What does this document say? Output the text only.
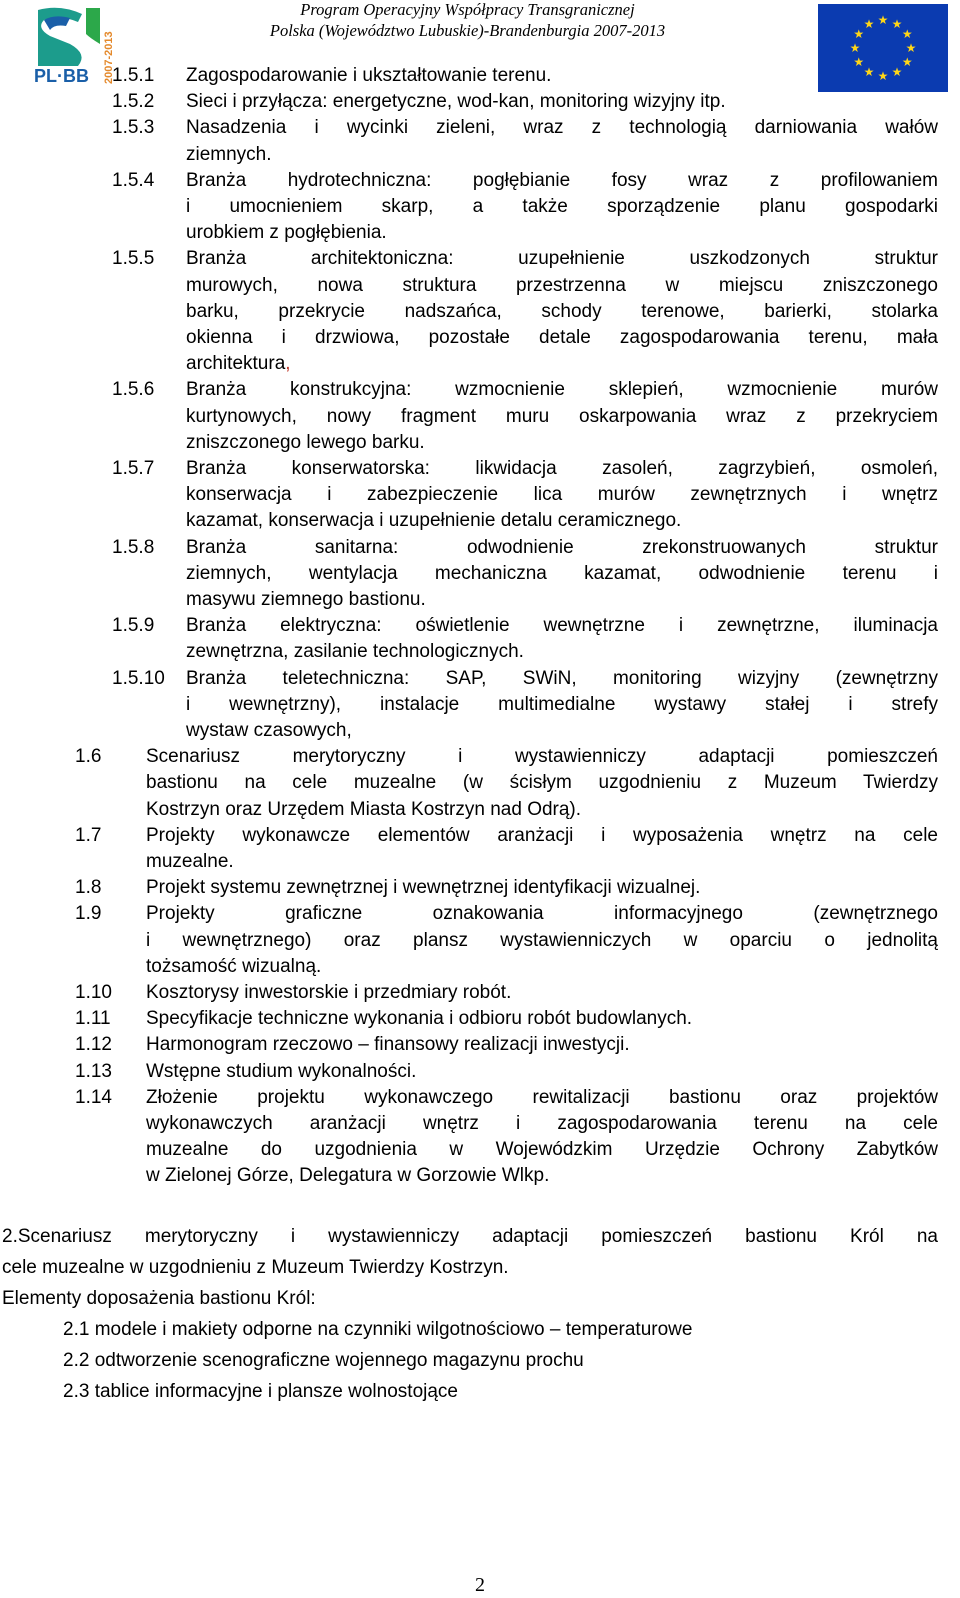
PL·BB 2007-2013
Program Operacyjny Współpracy Transgranicznej
Polska (Województwo Lubuskie)-Brandenburgia 2007-2013
★ ★
★
★
★
★
★
★
★
★
★
★
1.5.1 Zagospodarowanie i ukształtowanie terenu.
1.5.2 Sieci i przyłącza: energetyczne, wod-kan, monitoring wizyjny itp.
1.5.3 Nasadzenia i wycinki zieleni, wraz z technologią darniowania wałów
ziemnych.
1.5.4 Branża hydrotechniczna: pogłębianie fosy wraz z profilowaniem
i umocnieniem skarp, a także sporządzenie planu gospodarki
urobkiem z pogłębienia.
1.5.5 Branża architektoniczna: uzupełnienie uszkodzonych struktur
murowych, nowa struktura przestrzenna w miejscu zniszczonego
barku, przekrycie nadszańca, schody terenowe, barierki, stolarka
okienna i drzwiowa, pozostałe detale zagospodarowania terenu, mała
architektura,
1.5.6 Branża konstrukcyjna: wzmocnienie sklepień, wzmocnienie murów
kurtynowych, nowy fragment muru oskarpowania wraz z przekryciem
zniszczonego lewego barku.
1.5.7 Branża konserwatorska: likwidacja zasoleń, zagrzybień, osmoleń,
konserwacja i zabezpieczenie lica murów zewnętrznych i wnętrz
kazamat, konserwacja i uzupełnienie detalu ceramicznego.
1.5.8 Branża sanitarna: odwodnienie zrekonstruowanych struktur
ziemnych, wentylacja mechaniczna kazamat, odwodnienie terenu i
masywu ziemnego bastionu.
1.5.9 Branża elektryczna: oświetlenie wewnętrzne i zewnętrzne, iluminacja
zewnętrzna, zasilanie technologicznych.
1.5.10 Branża teletechniczna: SAP, SWiN, monitoring wizyjny (zewnętrzny
i wewnętrzny), instalacje multimedialne wystawy stałej i strefy
wystaw czasowych,
1.6 Scenariusz merytoryczny i wystawienniczy adaptacji pomieszczeń
bastionu na cele muzealne (w ścisłym uzgodnieniu z Muzeum Twierdzy
Kostrzyn oraz Urzędem Miasta Kostrzyn nad Odrą).
1.7 Projekty wykonawcze elementów aranżacji i wyposażenia wnętrz na cele
muzealne.
1.8 Projekt systemu zewnętrznej i wewnętrznej identyfikacji wizualnej.
1.9 Projekty graficzne oznakowania informacyjnego (zewnętrznego
i wewnętrznego) oraz plansz wystawienniczych w oparciu o jednolitą
tożsamość wizualną.
1.10 Kosztorysy inwestorskie i przedmiary robót.
1.11 Specyfikacje techniczne wykonania i odbioru robót budowlanych.
1.12 Harmonogram rzeczowo – finansowy realizacji inwestycji.
1.13 Wstępne studium wykonalności.
1.14 Złożenie projektu wykonawczego rewitalizacji bastionu oraz projektów
wykonawczych aranżacji wnętrz i zagospodarowania terenu na cele
muzealne do uzgodnienia w Wojewódzkim Urzędzie Ochrony Zabytków
w Zielonej Górze, Delegatura w Gorzowie Wlkp.
2.Scenariusz merytoryczny i wystawienniczy adaptacji pomieszczeń bastionu Król na
cele muzealne w uzgodnieniu z Muzeum Twierdzy Kostrzyn.
Elementy doposażenia bastionu Król:
2.1 modele i makiety odporne na czynniki wilgotnościowo – temperaturowe
2.2 odtworzenie scenograficzne wojennego magazynu prochu
2.3 tablice informacyjne i plansze wolnostojące
2
